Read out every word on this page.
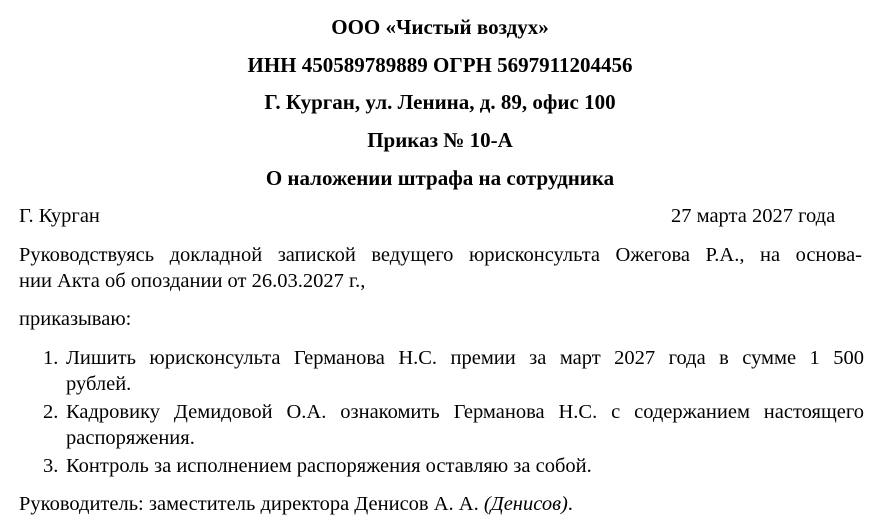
ООО «Чистый воздух»
ИНН 450589789889 ОГРН 5697911204456
Г. Курган, ул. Ленина, д. 89, офис 100
Приказ № 10-А
О наложении штрафа на сотрудника
Г. Курган	27 марта 2027 года
Руководствуясь докладной запиской ведущего юрисконсульта Ожегова Р.А., на основа-
нии Акта об опоздании от 26.03.2027 г.,
приказываю:
1. Лишить юрисконсульта Германова Н.С. премии за март 2027 года в сумме 1 500
рублей.
2. Кадровику Демидовой О.А. ознакомить Германова Н.С. с содержанием настоящего
распоряжения.
3. Контроль за исполнением распоряжения оставляю за собой.
Руководитель: заместитель директора Денисов А. А. (Денисов).
